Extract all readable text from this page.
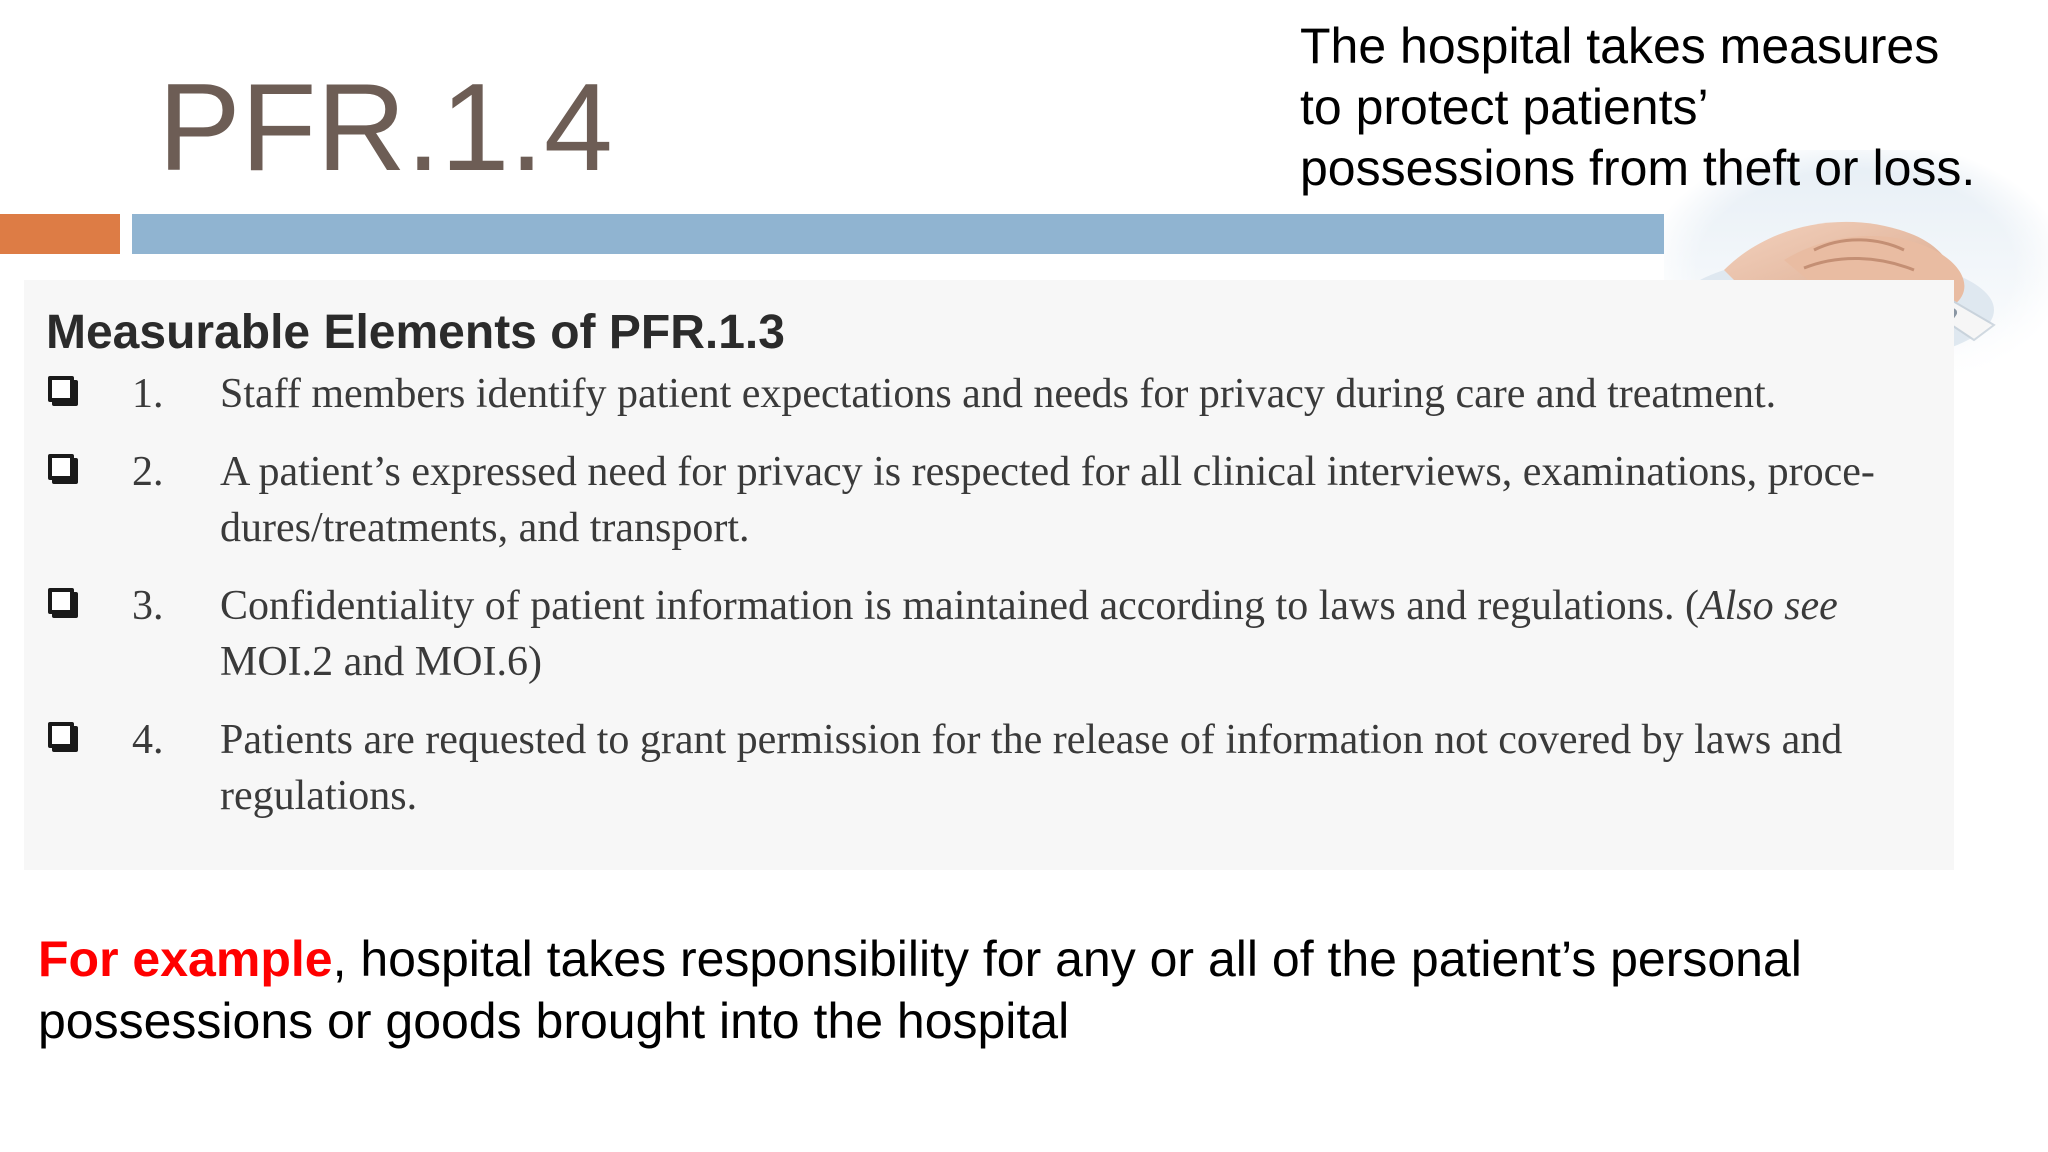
PFR.1.4
The hospital takes measures
to protect patients’
possessions from theft or loss.
Measurable Elements of PFR.1.3
1. Staff members identify patient expectations and needs for privacy during care and treatment.
2. A patient’s expressed need for privacy is respected for all clinical interviews, examinations, proce-
dures/treatments, and transport.
3. Confidentiality of patient information is maintained according to laws and regulations. (Also see
MOI.2 and MOI.6)
4. Patients are requested to grant permission for the release of information not covered by laws and
regulations.
For example, hospital takes responsibility for any or all of the patient’s personal
possessions or goods brought into the hospital
